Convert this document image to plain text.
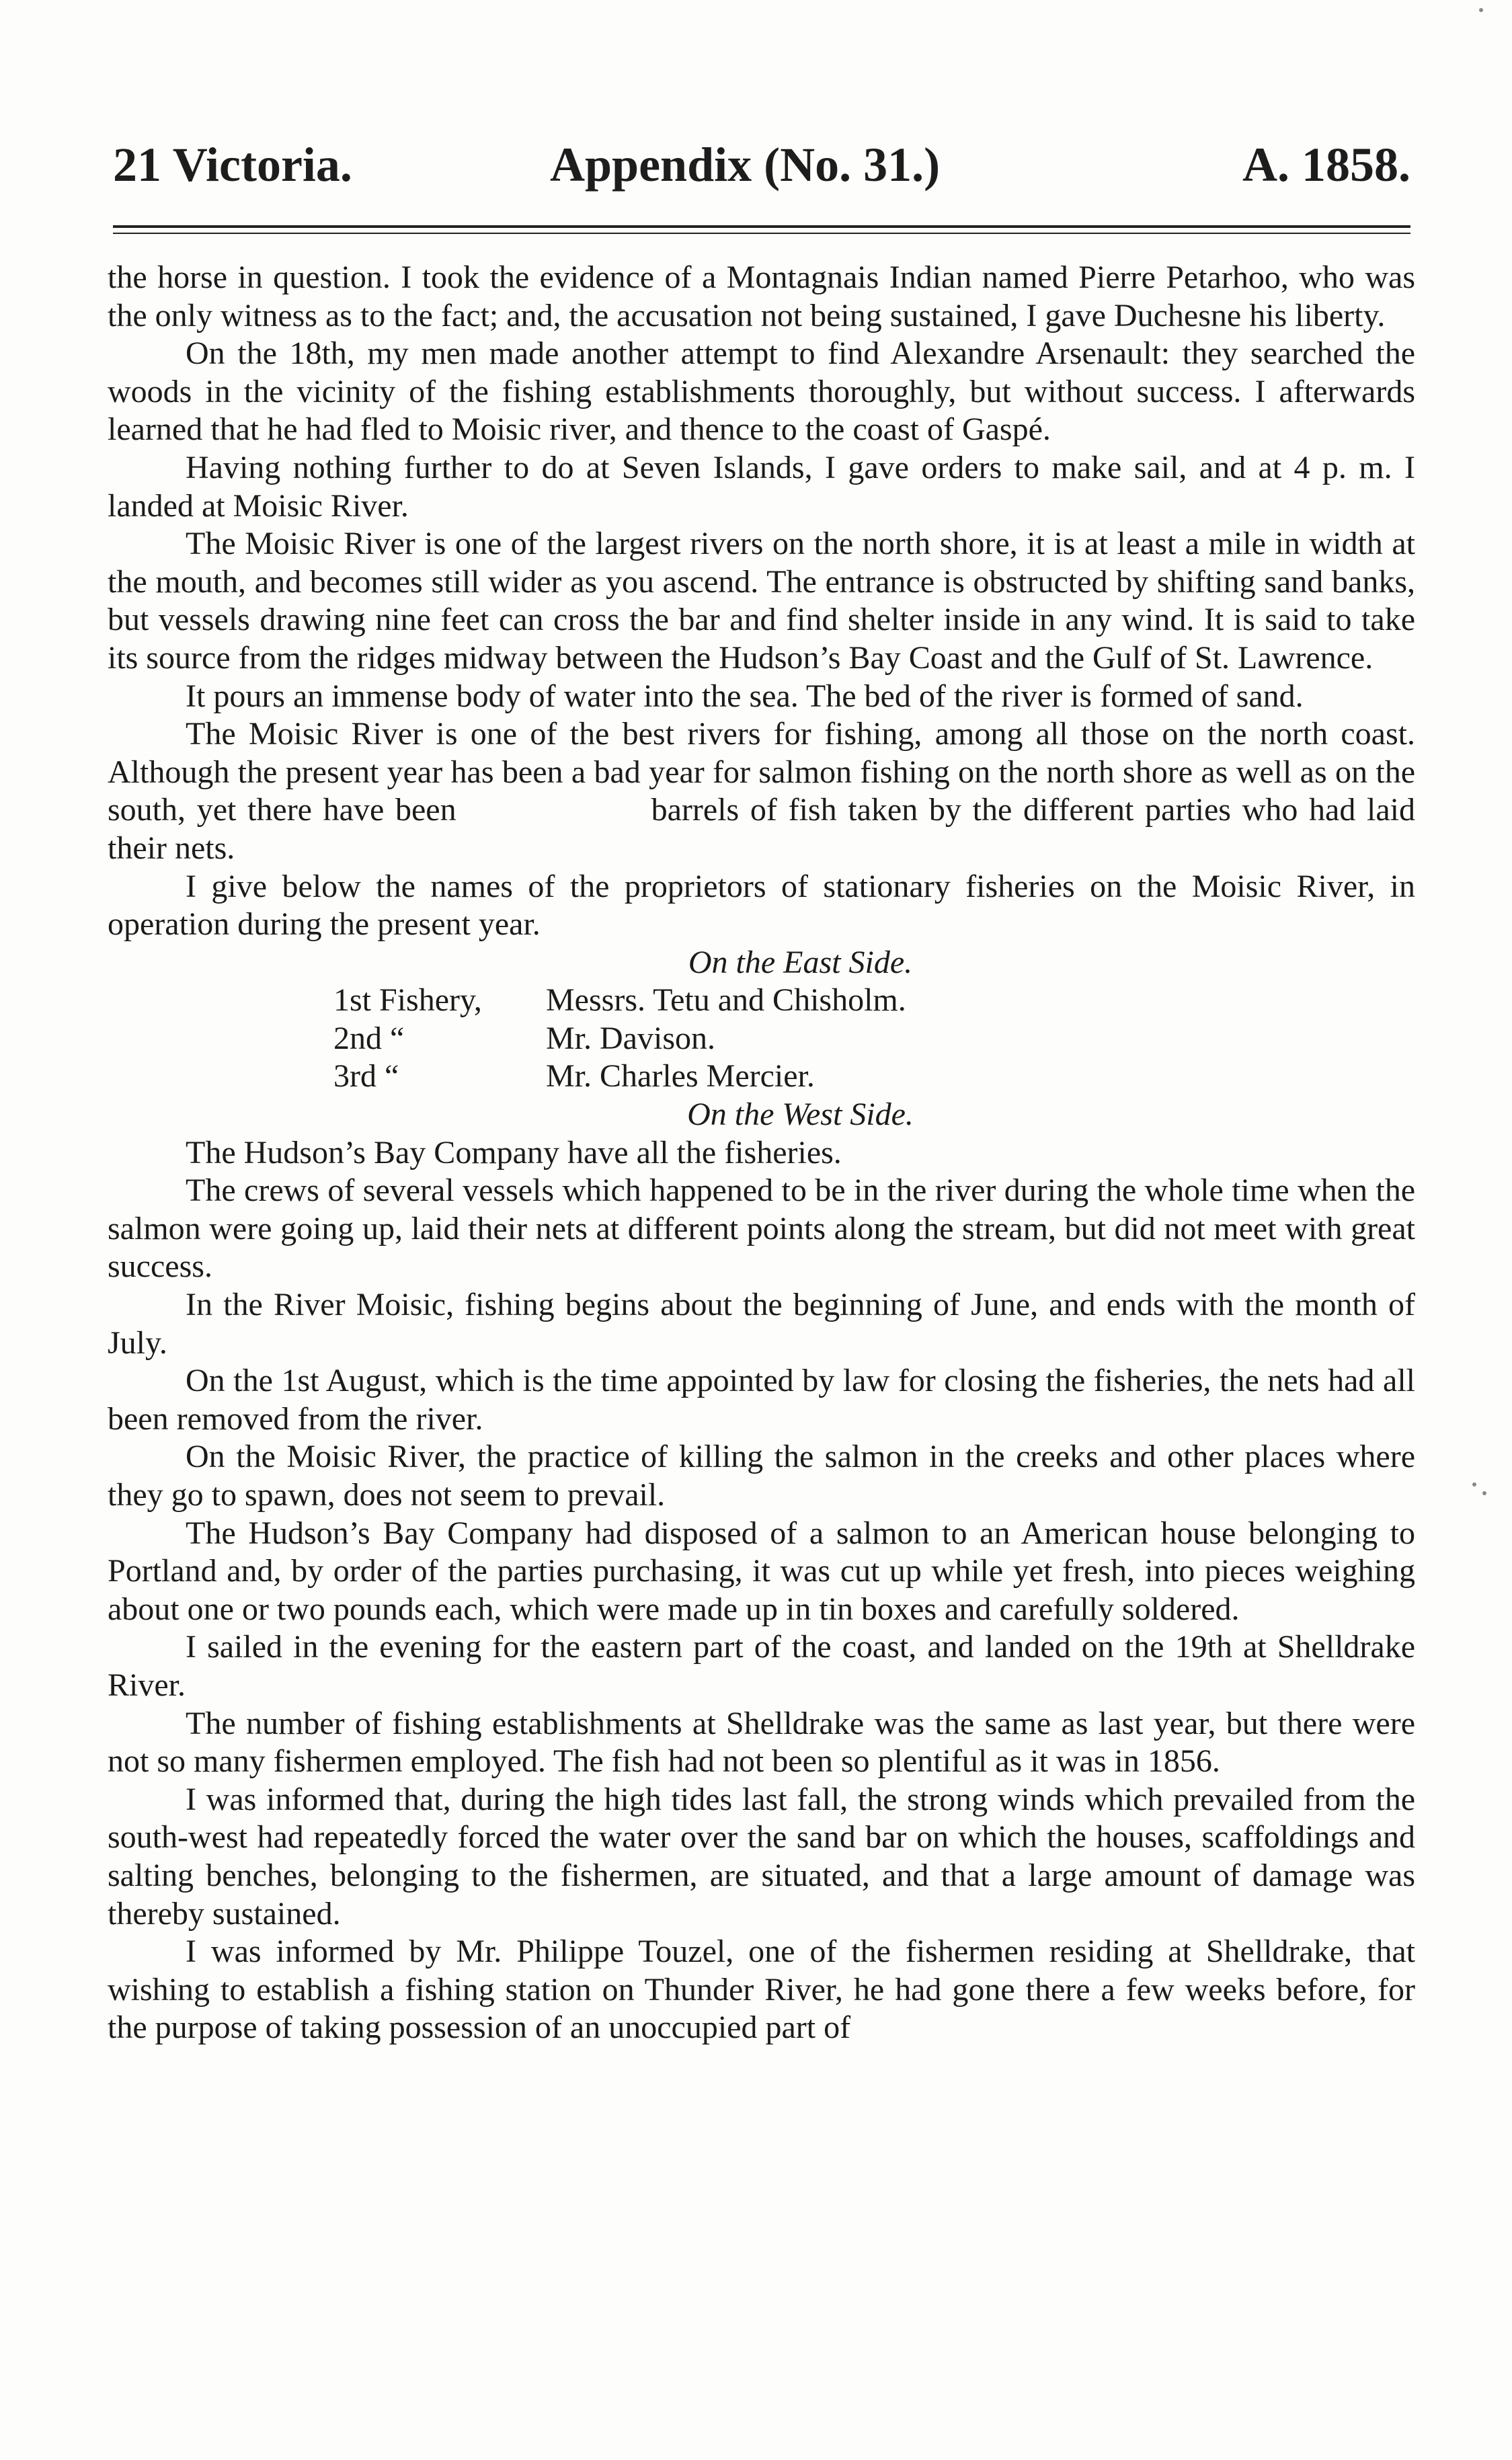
21 Victoria.	Appendix (No. 31.)	A. 1858.

the horse in question. I took the evidence of a Montagnais Indian named Pierre Petarhoo, who was the only witness as to the fact; and, the accusation not being sustained, I gave Duchesne his liberty.

On the 18th, my men made another attempt to find Alexandre Arsenault: they searched the woods in the vicinity of the fishing establishments thoroughly, but without success. I afterwards learned that he had fled to Moisic river, and thence to the coast of Gaspé.

Having nothing further to do at Seven Islands, I gave orders to make sail, and at 4 p. m. I landed at Moisic River.

The Moisic River is one of the largest rivers on the north shore, it is at least a mile in width at the mouth, and becomes still wider as you ascend. The entrance is obstructed by shifting sand banks, but vessels drawing nine feet can cross the bar and find shelter inside in any wind. It is said to take its source from the ridges midway between the Hudson’s Bay Coast and the Gulf of St. Lawrence.

It pours an immense body of water into the sea. The bed of the river is formed of sand.

The Moisic River is one of the best rivers for fishing, among all those on the north coast. Although the present year has been a bad year for salmon fishing on the north shore as well as on the south, yet there have been	barrels of fish taken by the different parties who had laid their nets.

I give below the names of the proprietors of stationary fisheries on the Moisic River, in operation during the present year.

On the East Side.

1st Fishery, Messrs. Tetu and Chisholm.
2nd “	Mr. Davison.
3rd “	Mr. Charles Mercier.

On the West Side.

The Hudson’s Bay Company have all the fisheries.

The crews of several vessels which happened to be in the river during the whole time when the salmon were going up, laid their nets at different points along the stream, but did not meet with great success.

In the River Moisic, fishing begins about the beginning of June, and ends with the month of July.

On the 1st August, which is the time appointed by law for closing the fisheries, the nets had all been removed from the river.

On the Moisic River, the practice of killing the salmon in the creeks and other places where they go to spawn, does not seem to prevail.

The Hudson’s Bay Company had disposed of a salmon to an American house belonging to Portland and, by order of the parties purchasing, it was cut up while yet fresh, into pieces weighing about one or two pounds each, which were made up in tin boxes and carefully soldered.

I sailed in the evening for the eastern part of the coast, and landed on the 19th at Shelldrake River.

The number of fishing establishments at Shelldrake was the same as last year, but there were not so many fishermen employed. The fish had not been so plentiful as it was in 1856.

I was informed that, during the high tides last fall, the strong winds which prevailed from the south-west had repeatedly forced the water over the sand bar on which the houses, scaffoldings and salting benches, belonging to the fishermen, are situated, and that a large amount of damage was thereby sustained.

I was informed by Mr. Philippe Touzel, one of the fishermen residing at Shelldrake, that wishing to establish a fishing station on Thunder River, he had gone there a few weeks before, for the purpose of taking possession of an unoccupied part of
